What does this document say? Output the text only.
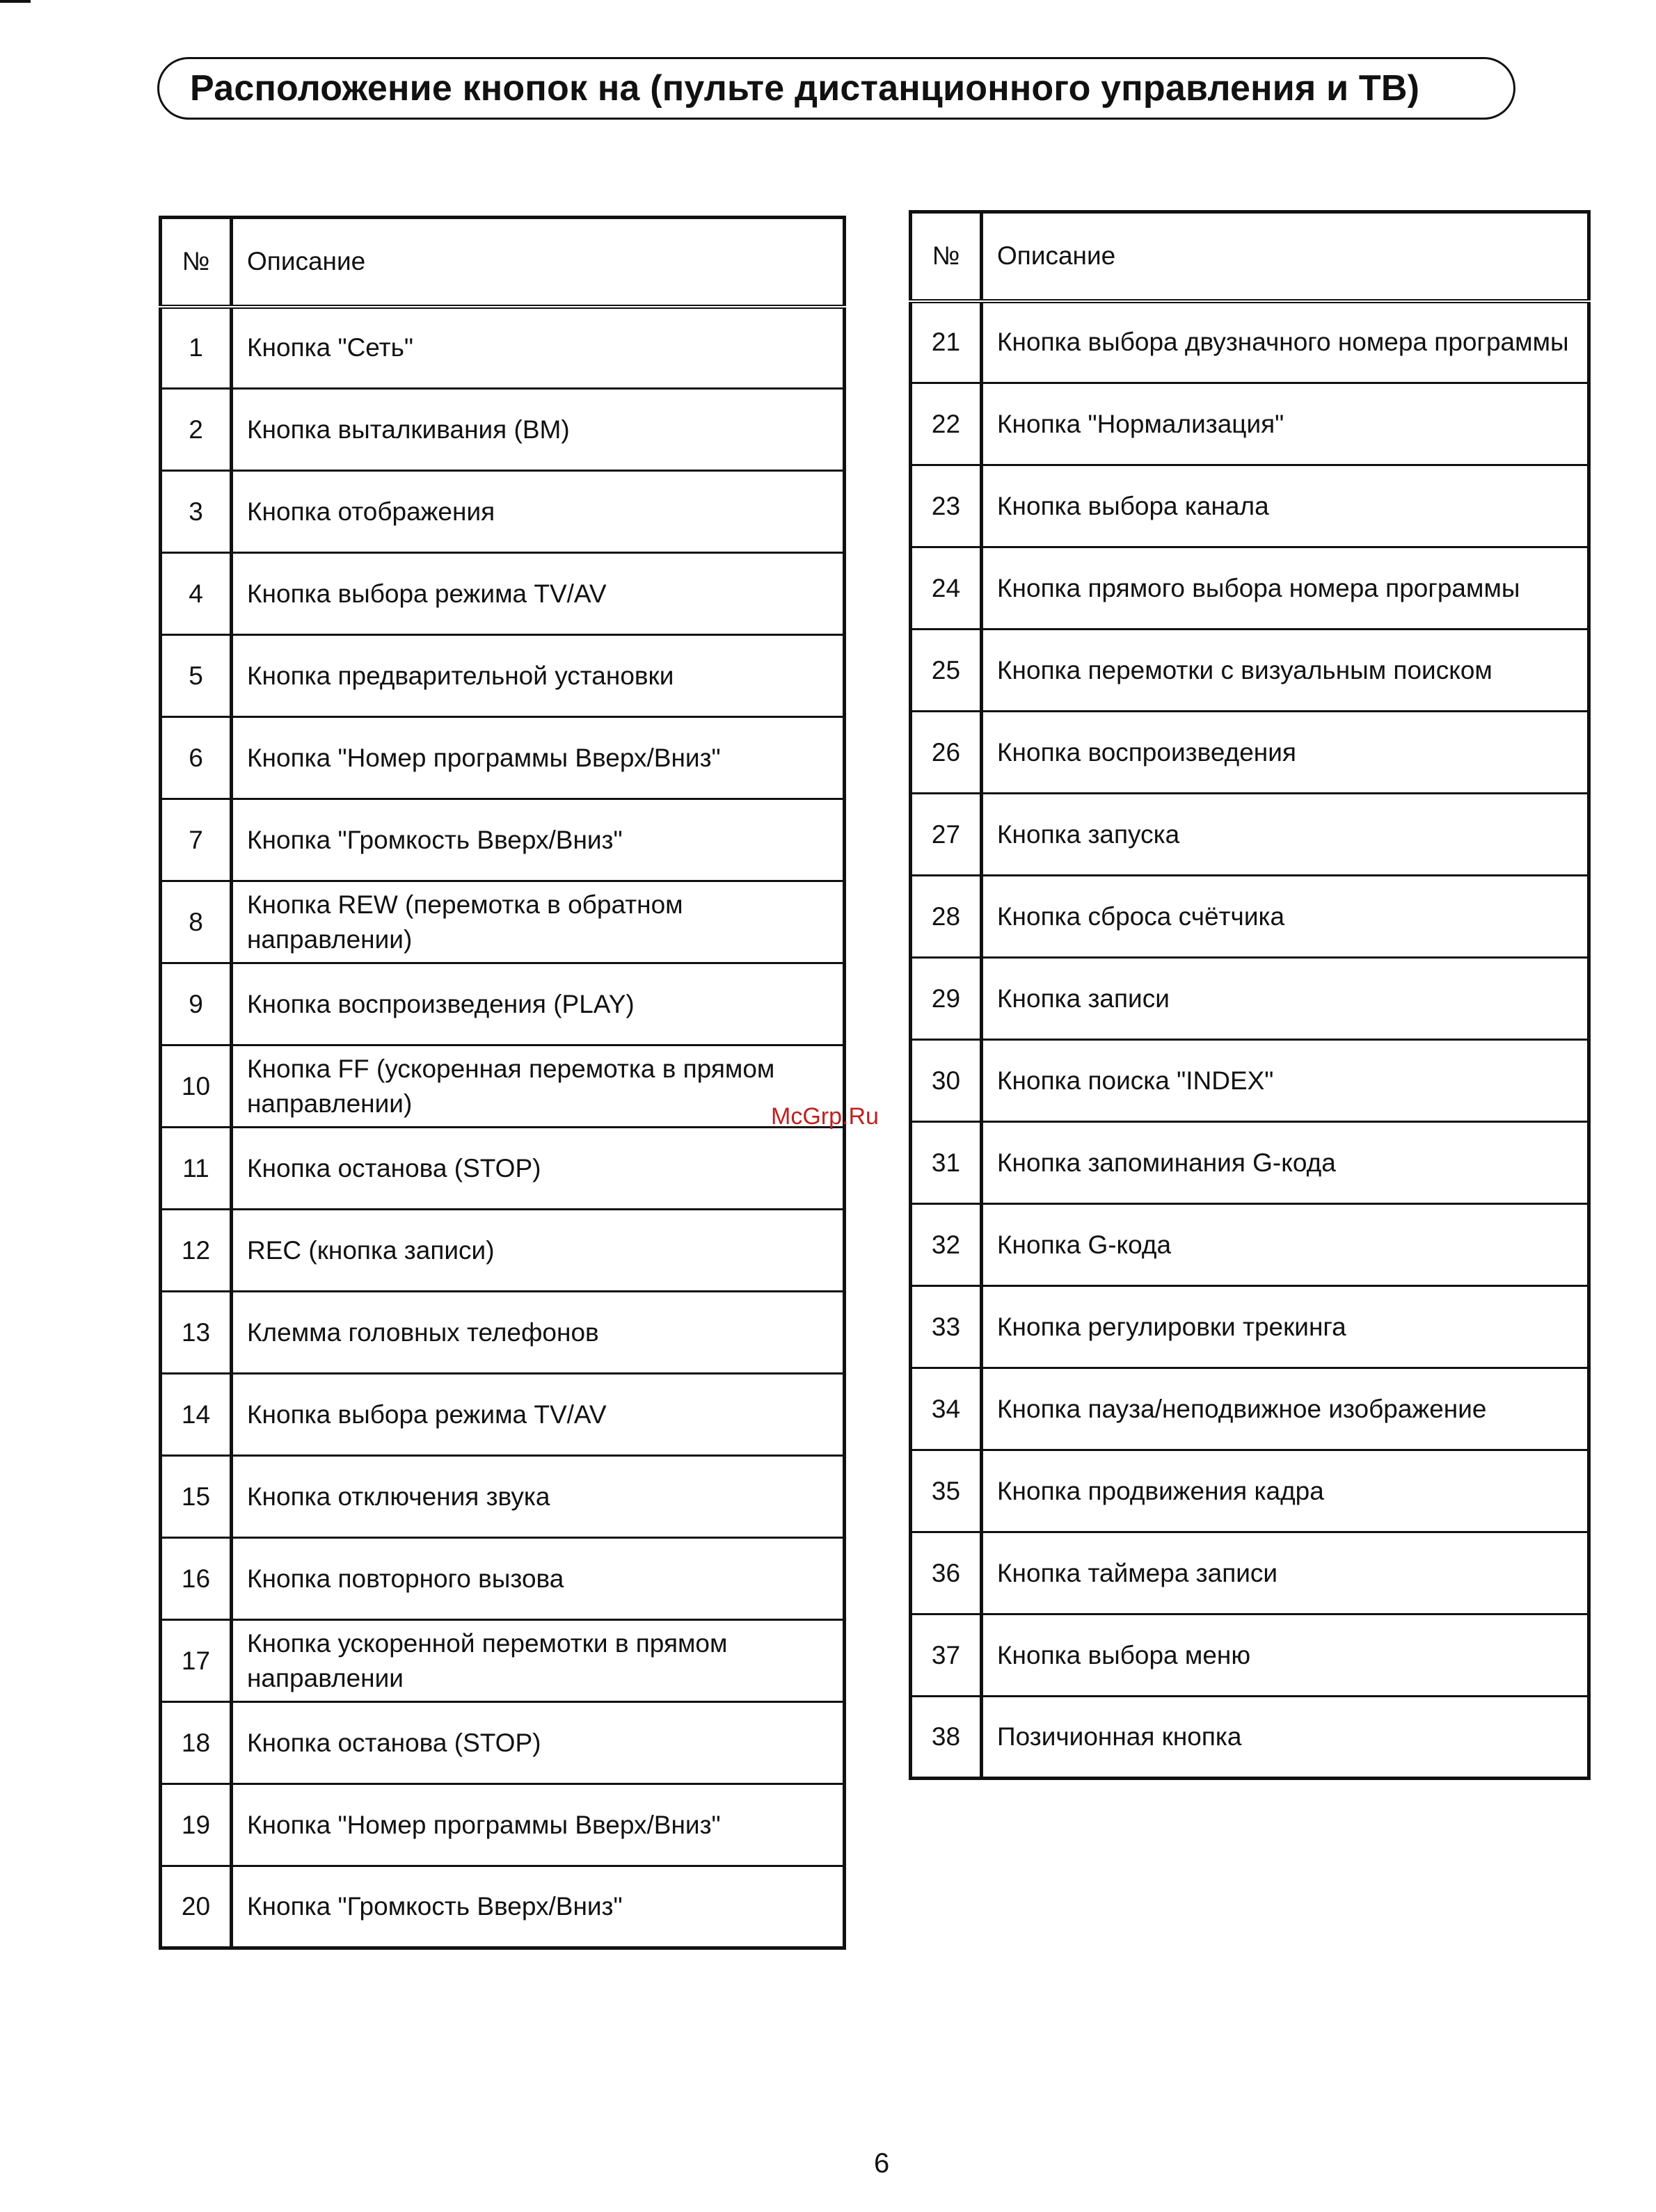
Расположение кнопок на (пульте дистанционного управления и ТВ)
№	Описание
1	Кнопка "Сеть"
2	Кнопка выталкивания (ВМ)
3	Кнопка отображения
4	Кнопка выбора режима TV/AV
5	Кнопка предварительной установки
6	Кнопка "Номер программы Вверх/Вниз"
7	Кнопка "Громкость Вверх/Вниз"
8	Кнопка REW (перемотка в обратном направлении)
9	Кнопка воспроизведения (PLAY)
10	Кнопка FF (ускоренная перемотка в прямом направлении)
11	Кнопка останова (STOP)
12	REC (кнопка записи)
13	Клемма головных телефонов
14	Кнопка выбора режима TV/AV
15	Кнопка отключения звука
16	Кнопка повторного вызова
17	Кнопка ускоренной перемотки в прямом направлении
18	Кнопка останова (STOP)
19	Кнопка "Номер программы Вверх/Вниз"
20	Кнопка "Громкость Вверх/Вниз"
№	Описание
21	Кнопка выбора двузначного номера программы
22	Кнопка "Нормализация"
23	Кнопка выбора канала
24	Кнопка прямого выбора номера программы
25	Кнопка перемотки с визуальным поиском
26	Кнопка воспроизведения
27	Кнопка запуска
28	Кнопка сброса счётчика
29	Кнопка записи
30	Кнопка поиска "INDEX"
31	Кнопка запоминания G-кода
32	Кнопка G-кода
33	Кнопка регулировки трекинга
34	Кнопка пауза/неподвижное изображение
35	Кнопка продвижения кадра
36	Кнопка таймера записи
37	Кнопка выбора меню
38	Позичионная кнопка
McGrp.Ru
6
